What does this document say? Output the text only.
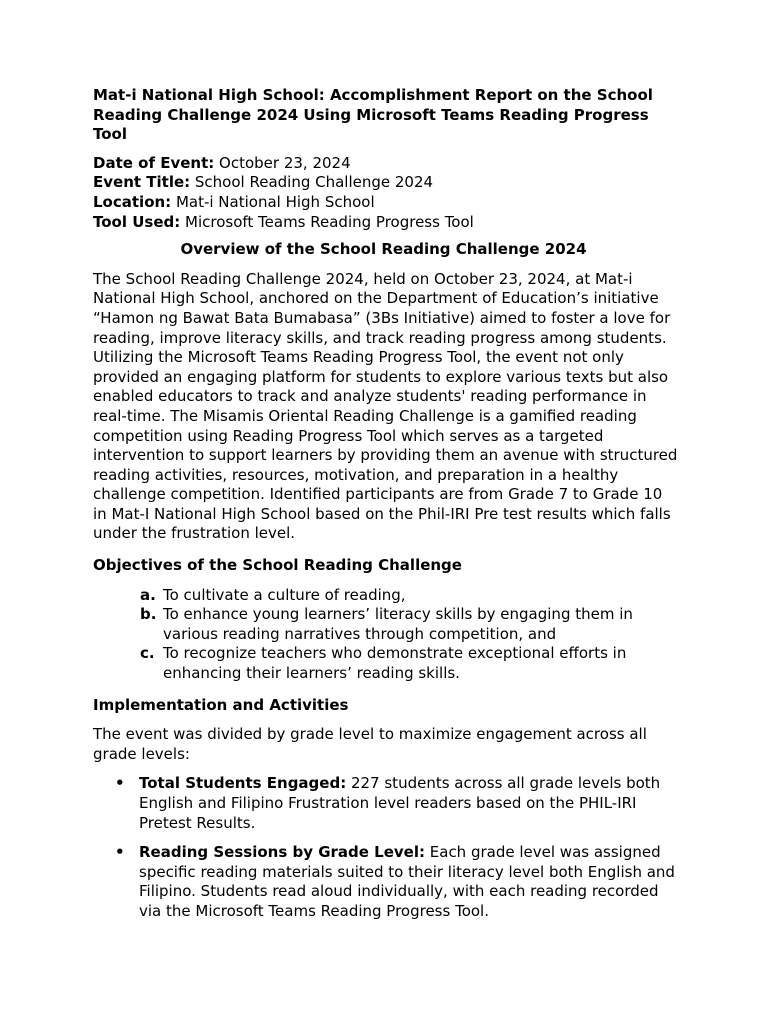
Mat-i National High School: Accomplishment Report on the School Reading Challenge 2024 Using Microsoft Teams Reading Progress Tool

Date of Event: October 23, 2024

Event Title: School Reading Challenge 2024

Location: Mat-i National High School

Tool Used: Microsoft Teams Reading Progress Tool

Overview of the School Reading Challenge 2024

The School Reading Challenge 2024, held on October 23, 2024, at Mat-i National High School, anchored on the Department of Education’s initiative “Hamon ng Bawat Bata Bumabasa” (3Bs Initiative) aimed to foster a love for reading, improve literacy skills, and track reading progress among students. Utilizing the Microsoft Teams Reading Progress Tool, the event not only provided an engaging platform for students to explore various texts but also enabled educators to track and analyze students' reading performance in real-time. The Misamis Oriental Reading Challenge is a gamified reading competition using Reading Progress Tool which serves as a targeted intervention to support learners by providing them an avenue with structured reading activities, resources, motivation, and preparation in a healthy challenge competition. Identified participants are from Grade 7 to Grade 10 in Mat-I National High School based on the Phil-IRI Pre test results which falls under the frustration level.

Objectives of the School Reading Challenge

a. To cultivate a culture of reading,
b. To enhance young learners’ literacy skills by engaging them in various reading narratives through competition, and
c. To recognize teachers who demonstrate exceptional efforts in enhancing their learners’ reading skills.

Implementation and Activities

The event was divided by grade level to maximize engagement across all grade levels:

• Total Students Engaged: 227 students across all grade levels both English and Filipino Frustration level readers based on the PHIL-IRI Pretest Results.
• Reading Sessions by Grade Level: Each grade level was assigned specific reading materials suited to their literacy level both English and Filipino. Students read aloud individually, with each reading recorded via the Microsoft Teams Reading Progress Tool.
